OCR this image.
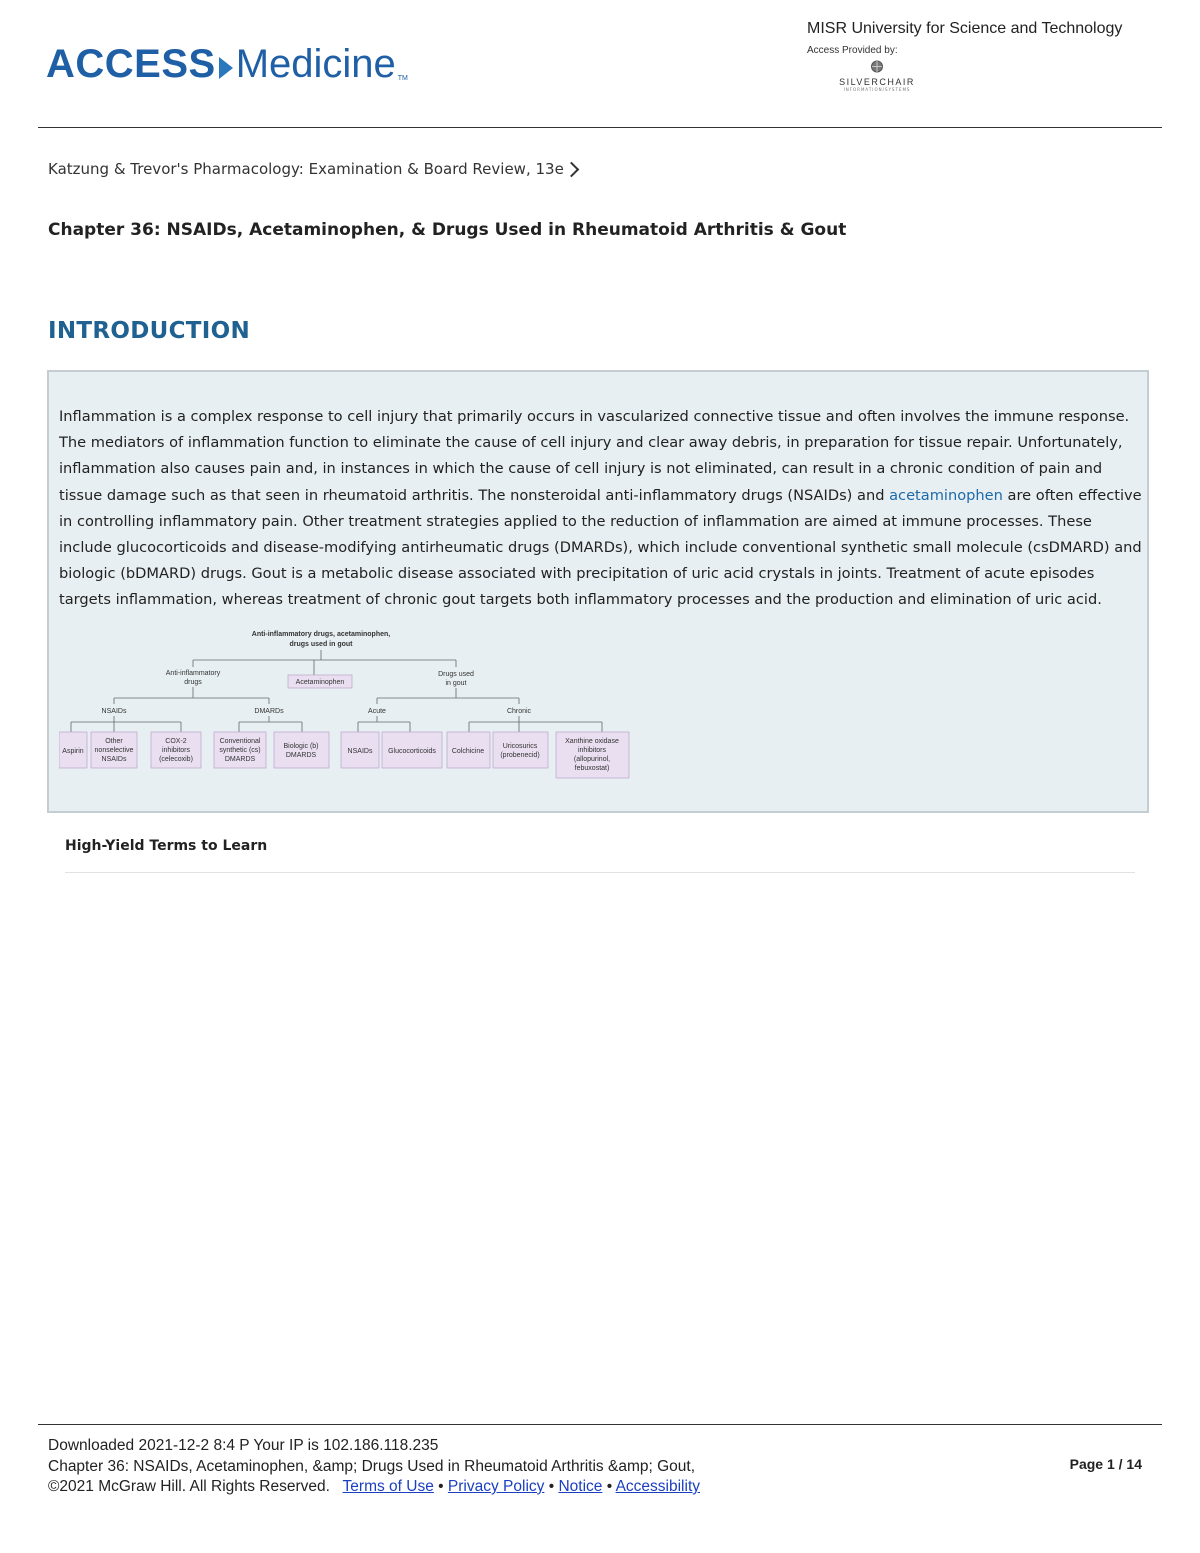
ACCESS Medicine TM
MISR University for Science and Technology
Access Provided by:
SILVERCHAIR
INFORMATION/SYSTEMS
Katzung & Trevor's Pharmacology: Examination & Board Review, 13e
Chapter 36: NSAIDs, Acetaminophen, & Drugs Used in Rheumatoid Arthritis & Gout
INTRODUCTION
Inflammation is a complex response to cell injury that primarily occurs in vascularized connective tissue and often involves the immune response. The mediators of inflammation function to eliminate the cause of cell injury and clear away debris, in preparation for tissue repair. Unfortunately, inflammation also causes pain and, in instances in which the cause of cell injury is not eliminated, can result in a chronic condition of pain and tissue damage such as that seen in rheumatoid arthritis. The nonsteroidal anti-inflammatory drugs (NSAIDs) and acetaminophen are often effective in controlling inflammatory pain. Other treatment strategies applied to the reduction of inflammation are aimed at immune processes. These include glucocorticoids and disease-modifying antirheumatic drugs (DMARDs), which include conventional synthetic small molecule (csDMARD) and biologic (bDMARD) drugs. Gout is a metabolic disease associated with precipitation of uric acid crystals in joints. Treatment of acute episodes targets inflammation, whereas treatment of chronic gout targets both inflammatory processes and the production and elimination of uric acid.
Anti-inflammatory drugs, acetaminophen,
drugs used in gout
Anti-inflammatory
drugs	Acetaminophen
Drugs used
in gout
NSAIDs	DMARDs	Acute	Chronic
Aspirin
Other
nonselective
NSAIDs
COX-2
inhibitors
(celecoxib)
Conventional
synthetic (cs)
DMARDS
Biologic (b)
DMARDS
NSAIDs Glucocorticoids Colchicine
Uricosurics
(probenecid)
Xanthine oxidase
inhibitors
(allopurinol,
febuxostat)
High-Yield Terms to Learn
Downloaded 2021-12-2 8:4 P Your IP is 102.186.118.235
Chapter 36: NSAIDs, Acetaminophen, &amp; Drugs Used in Rheumatoid Arthritis &amp; Gout,
©2021 McGraw Hill. All Rights Reserved. Terms of Use • Privacy Policy • Notice • Accessibility
Page 1 / 14
